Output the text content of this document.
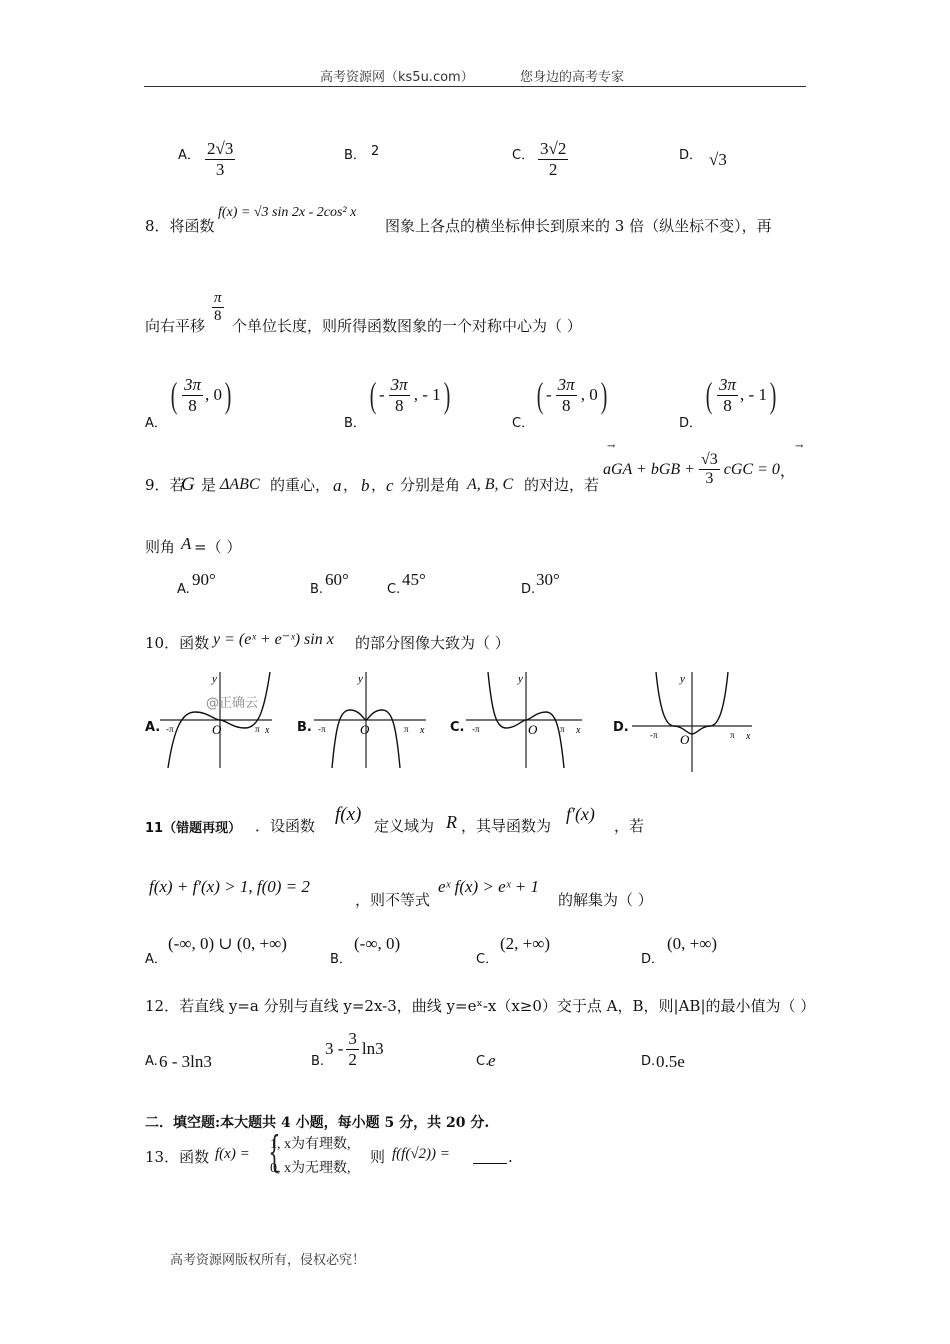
高考资源网（ks5u.com）	您身边的高考专家
A． $\frac{2√3}{3}$	B． 2	C． $\frac{3√2}{2}$	D． √3
8．将函数
f(x) = √3 sin 2x - 2cos² x
图象上各点的横坐标伸长到原来的 3 倍（纵坐标不变），再
向右平移
$\frac{\pi}{8}$
个单位长度，则所得函数图象的一个对称中心为（ ）
A．
( $\frac{3\pi}{8}$ , 0 )
B．
( - $\frac{3\pi}{8}$ , - 1 )
C．
( - $\frac{3\pi}{8}$ , 0 )
D．
( $\frac{3\pi}{8}$ , - 1 )
9．若
G 是 ΔABC 的重心， a ， b ， c 分别是角 A, B, C 的对边，若
aGA + bGB + $\frac{√3}{3}$ cGC = 0 ，
→	→
则角 A =（ ）
A.
90°
B.
60°
C.
45°
D.
30°
10．函数 y = (eˣ + e⁻ˣ) sin x 的部分图像大致为（ ）
A.	B.	C.	D.
y
O	x
-π	π
@正确云
y
O	x
-π	π
y
O	x
-π	π
y
O	x
-π	π
11（错题再现） ．设函数
f(x)
定义域为 R ，其导函数为
f′(x)
，若
f(x) + f′(x) > 1, f(0) = 2
，则不等式
eˣ f(x) > eˣ + 1
的解集为（ ）
A．
(-∞, 0) ∪ (0, +∞)
B．
(-∞, 0)
C．
(2, +∞)
D．
(0, +∞)
12．若直线 y=a 分别与直线 y=2x-3，曲线 y=eˣ-x（x≥0）交于点 A，B，则|AB|的最小值为（ ）
A. 6 - 3ln3	B.
$3 - \frac{3}{2} \ln 3$
C.
e	D. 0.5e
二．填空题:本大题共 4 小题，每小题 5 分，共 20 分.
13．函数 f(x) = {
1, x为有理数,
0, x为无理数,
则 f(f(√2)) =	.
高考资源网版权所有，侵权必究！
